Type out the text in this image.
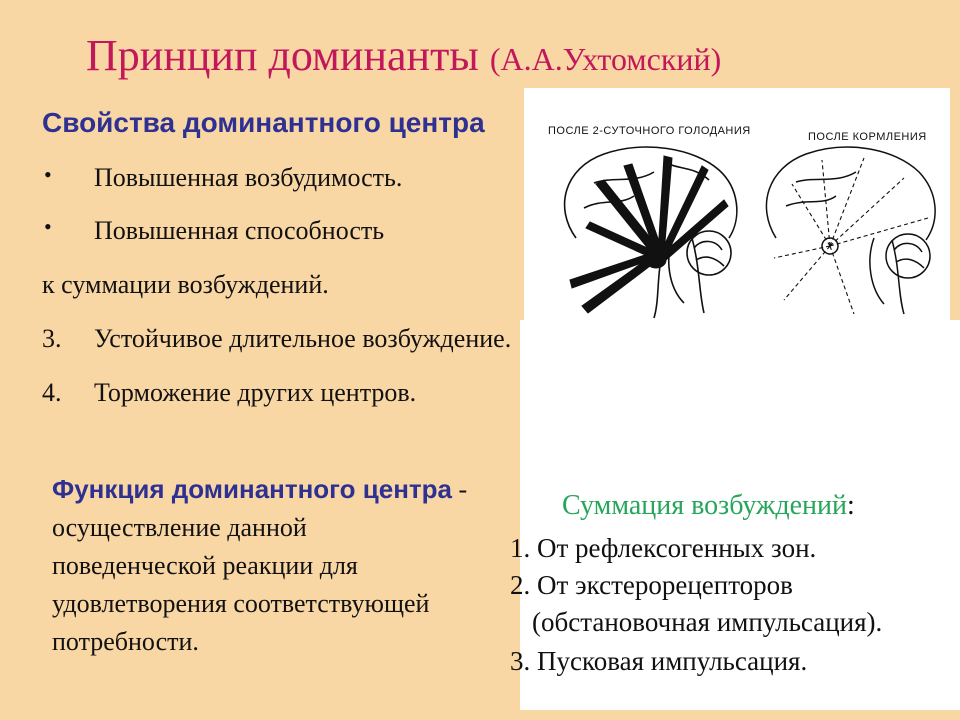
Принцип доминанты (А.А.Ухтомский)
Свойства доминантного центра
• Повышенная возбудимость.
• Повышенная способность
к суммации возбуждений.
3. Устойчивое длительное возбуждение.
4. Торможение других центров.
Функция доминантного центра - осуществление данной поведенческой реакции для удовлетворения соответствующей потребности.
ПОСЛЕ 2-СУТОЧНОГО ГОЛОДАНИЯ	ПОСЛЕ КОРМЛЕНИЯ
Суммация возбуждений:
1. От рефлексогенных зон.
2. От экстерорецепторов
(обстановочная импульсация).
3. Пусковая импульсация.
